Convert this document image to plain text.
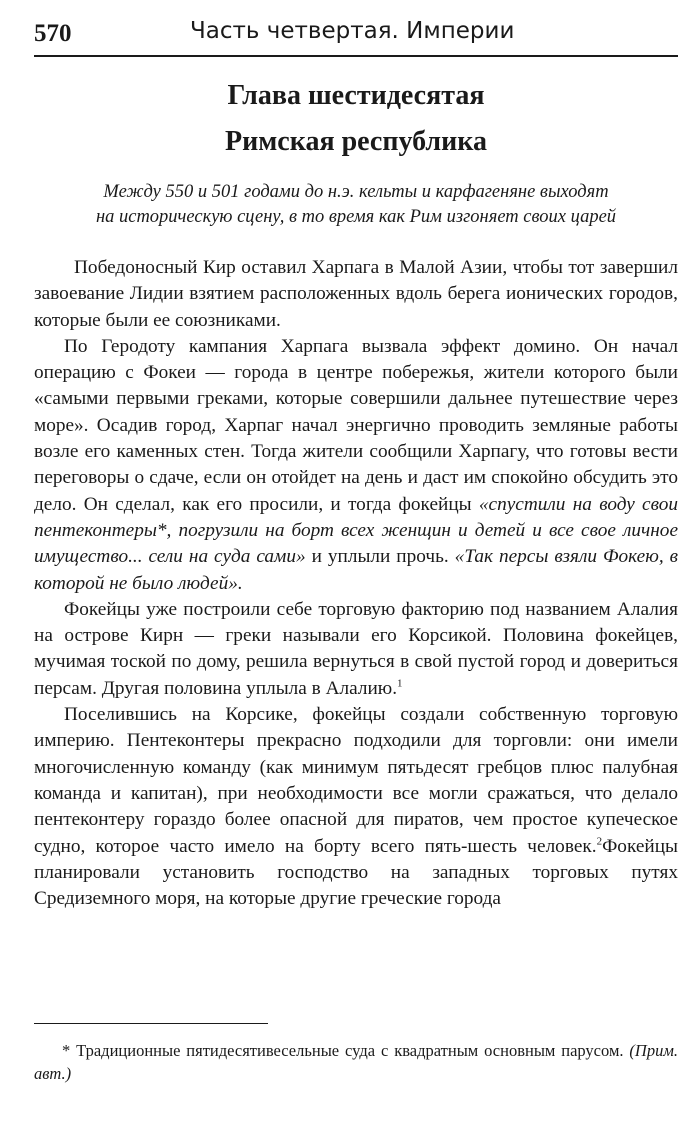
570	Часть четвертая. Империи
Глава шестидесятая
Римская республика

Между 550 и 501 годами до н.э. кельты и карфагеняне выходят
на историческую сцену, в то время как Рим изгоняет своих царей

Победоносный Кир оставил Харпага в Малой Азии, чтобы тот завершил завоевание Лидии взятием расположенных вдоль берега ионических городов, которые были ее союзниками.

По Геродоту кампания Харпага вызвала эффект домино. Он начал операцию с Фокеи — города в центре побережья, жители которого были «самыми первыми греками, которые совершили дальнее путешествие через море». Осадив город, Харпаг начал энергично проводить земляные работы возле его каменных стен. Тогда жители сообщили Харпагу, что готовы вести переговоры о сдаче, если он отойдет на день и даст им спокойно обсудить это дело. Он сделал, как его просили, и тогда фокейцы «спустили на воду свои пентеконтеры*, погрузили на борт всех женщин и детей и все свое личное имущество... сели на суда сами» и уплыли прочь. «Так персы взяли Фокею, в которой не было людей».

Фокейцы уже построили себе торговую факторию под названием Алалия на острове Кирн — греки называли его Корсикой. Половина фокейцев, мучимая тоской по дому, решила вернуться в свой пустой город и довериться персам. Другая половина уплыла в Алалию.$^1$

Поселившись на Корсике, фокейцы создали собственную торговую империю. Пентеконтеры прекрасно подходили для торговли: они имели многочисленную команду (как минимум пятьдесят гребцов плюс палубная команда и капитан), при необходимости все могли сражаться, что делало пентеконтеру гораздо более опасной для пиратов, чем простое купеческое судно, которое часто имело на борту всего пять-шесть человек.$^2$Фокейцы планировали установить господство на западных торговых путях Средиземного моря, на которые другие греческие города

* Традиционные пятидесятивесельные суда с квадратным основным парусом. (Прим. авт.)
